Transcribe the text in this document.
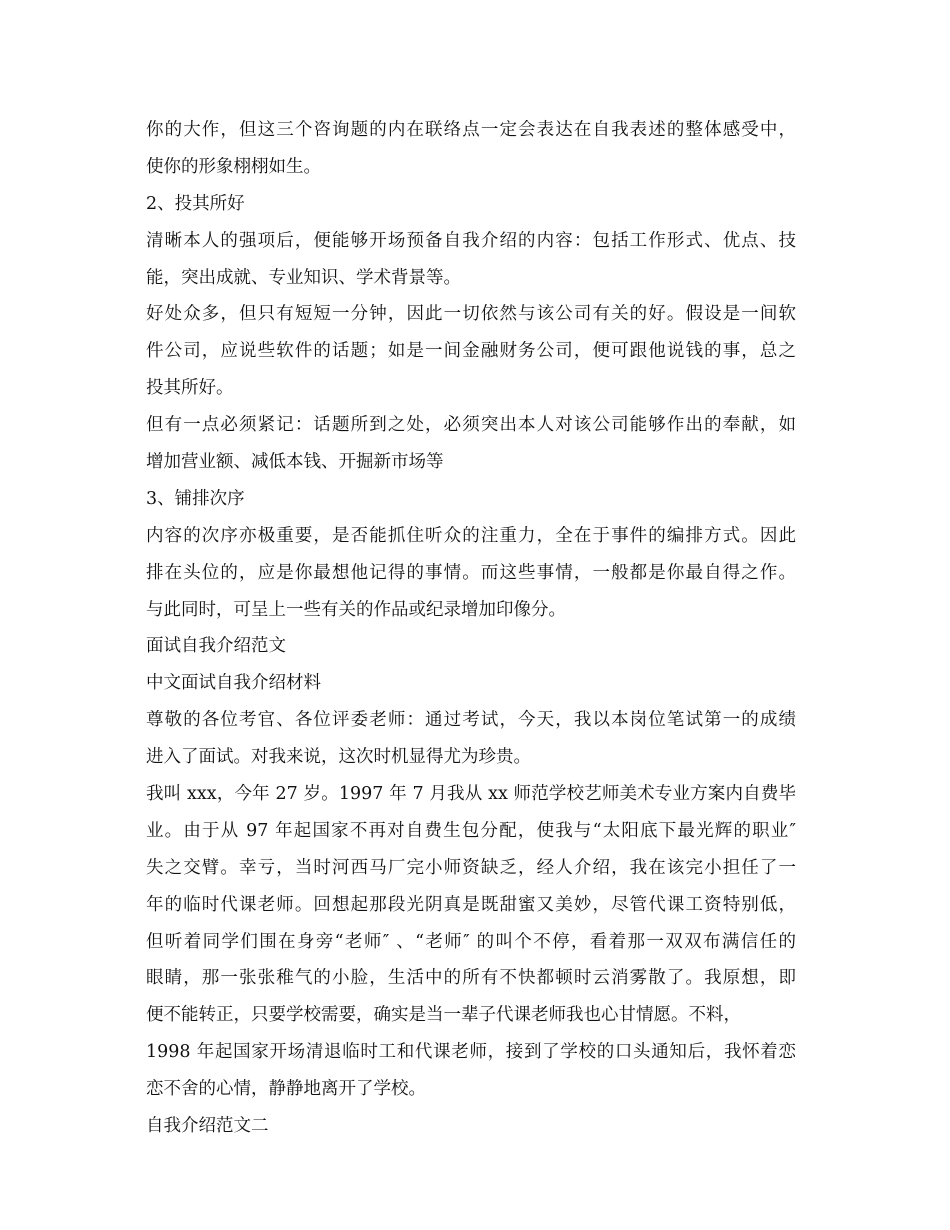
你的大作，但这三个咨询题的内在联络点一定会表达在自我表述的整体感受中，
使你的形象栩栩如生。
2、投其所好
清晰本人的强项后，便能够开场预备自我介绍的内容：包括工作形式、优点、技
能，突出成就、专业知识、学术背景等。
好处众多，但只有短短一分钟，因此一切依然与该公司有关的好。假设是一间软
件公司，应说些软件的话题；如是一间金融财务公司，便可跟他说钱的事，总之
投其所好。
但有一点必须紧记：话题所到之处，必须突出本人对该公司能够作出的奉献，如
增加营业额、减低本钱、开掘新市场等
3、铺排次序
内容的次序亦极重要，是否能抓住听众的注重力，全在于事件的编排方式。因此
排在头位的，应是你最想他记得的事情。而这些事情，一般都是你最自得之作。
与此同时，可呈上一些有关的作品或纪录增加印像分。
面试自我介绍范文
中文面试自我介绍材料
尊敬的各位考官、各位评委老师：通过考试，今天，我以本岗位笔试第一的成绩
进入了面试。对我来说，这次时机显得尤为珍贵。
我叫 xxx，今年 27 岁。1997 年 7 月我从 xx 师范学校艺师美术专业方案内自费毕
业。由于从 97 年起国家不再对自费生包分配，使我与“太阳底下最光辉的职业″
失之交臂。幸亏，当时河西马厂完小师资缺乏，经人介绍，我在该完小担任了一
年的临时代课老师。回想起那段光阴真是既甜蜜又美妙，尽管代课工资特别低，
但听着同学们围在身旁“老师″ 、“老师″ 的叫个不停，看着那一双双布满信任的
眼睛，那一张张稚气的小脸，生活中的所有不快都顿时云消雾散了。我原想，即
便不能转正，只要学校需要，确实是当一辈子代课老师我也心甘情愿。不料，
1998 年起国家开场清退临时工和代课老师，接到了学校的口头通知后，我怀着恋
恋不舍的心情，静静地离开了学校。
自我介绍范文二
